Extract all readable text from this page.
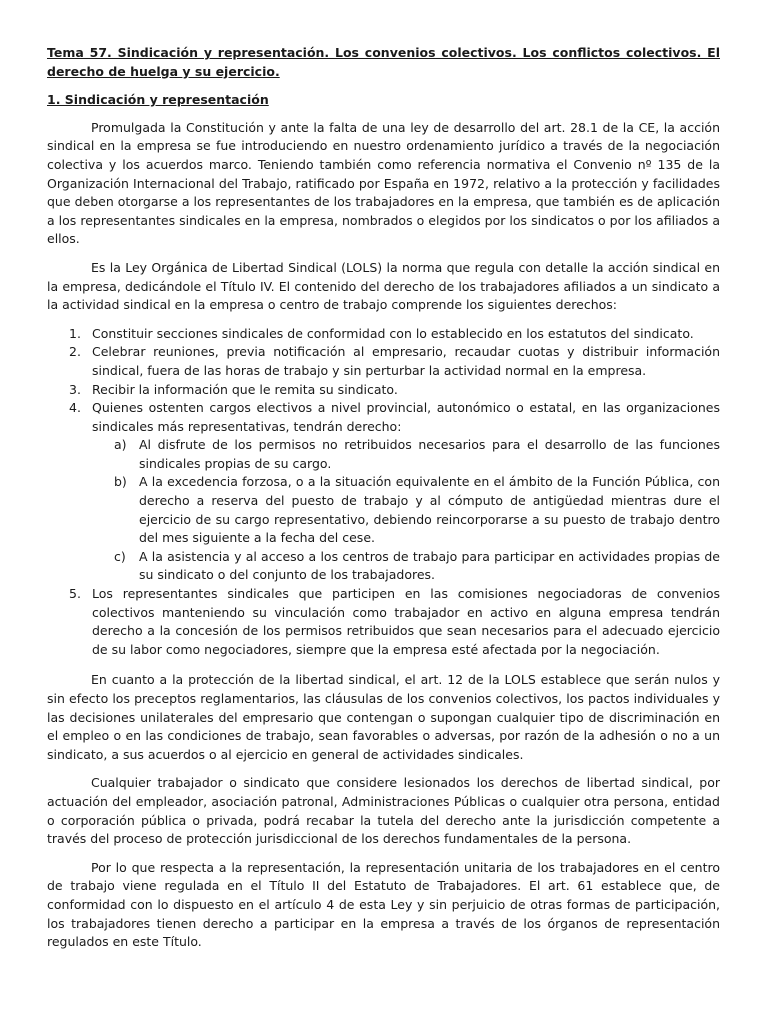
Tema 57. Sindicación y representación. Los convenios colectivos. Los conflictos colectivos. El derecho de huelga y su ejercicio.

1. Sindicación y representación

Promulgada la Constitución y ante la falta de una ley de desarrollo del art. 28.1 de la CE, la acción sindical en la empresa se fue introduciendo en nuestro ordenamiento jurídico a través de la negociación colectiva y los acuerdos marco. Teniendo también como referencia normativa el Convenio nº 135 de la Organización Internacional del Trabajo, ratificado por España en 1972, relativo a la protección y facilidades que deben otorgarse a los representantes de los trabajadores en la empresa, que también es de aplicación a los representantes sindicales en la empresa, nombrados o elegidos por los sindicatos o por los afiliados a ellos.

Es la Ley Orgánica de Libertad Sindical (LOLS) la norma que regula con detalle la acción sindical en la empresa, dedicándole el Título IV. El contenido del derecho de los trabajadores afiliados a un sindicato a la actividad sindical en la empresa o centro de trabajo comprende los siguientes derechos:

1. Constituir secciones sindicales de conformidad con lo establecido en los estatutos del sindicato.
2. Celebrar reuniones, previa notificación al empresario, recaudar cuotas y distribuir información sindical, fuera de las horas de trabajo y sin perturbar la actividad normal en la empresa.
3. Recibir la información que le remita su sindicato.
4. Quienes ostenten cargos electivos a nivel provincial, autonómico o estatal, en las organizaciones sindicales más representativas, tendrán derecho:
a) Al disfrute de los permisos no retribuidos necesarios para el desarrollo de las funciones sindicales propias de su cargo.
b) A la excedencia forzosa, o a la situación equivalente en el ámbito de la Función Pública, con derecho a reserva del puesto de trabajo y al cómputo de antigüedad mientras dure el ejercicio de su cargo representativo, debiendo reincorporarse a su puesto de trabajo dentro del mes siguiente a la fecha del cese.
c) A la asistencia y al acceso a los centros de trabajo para participar en actividades propias de su sindicato o del conjunto de los trabajadores.
5. Los representantes sindicales que participen en las comisiones negociadoras de convenios colectivos manteniendo su vinculación como trabajador en activo en alguna empresa tendrán derecho a la concesión de los permisos retribuidos que sean necesarios para el adecuado ejercicio de su labor como negociadores, siempre que la empresa esté afectada por la negociación.

En cuanto a la protección de la libertad sindical, el art. 12 de la LOLS establece que serán nulos y sin efecto los preceptos reglamentarios, las cláusulas de los convenios colectivos, los pactos individuales y las decisiones unilaterales del empresario que contengan o supongan cualquier tipo de discriminación en el empleo o en las condiciones de trabajo, sean favorables o adversas, por razón de la adhesión o no a un sindicato, a sus acuerdos o al ejercicio en general de actividades sindicales.

Cualquier trabajador o sindicato que considere lesionados los derechos de libertad sindical, por actuación del empleador, asociación patronal, Administraciones Públicas o cualquier otra persona, entidad o corporación pública o privada, podrá recabar la tutela del derecho ante la jurisdicción competente a través del proceso de protección jurisdiccional de los derechos fundamentales de la persona.

Por lo que respecta a la representación, la representación unitaria de los trabajadores en el centro de trabajo viene regulada en el Título II del Estatuto de Trabajadores. El art. 61 establece que, de conformidad con lo dispuesto en el artículo 4 de esta Ley y sin perjuicio de otras formas de participación, los trabajadores tienen derecho a participar en la empresa a través de los órganos de representación regulados en este Título.
